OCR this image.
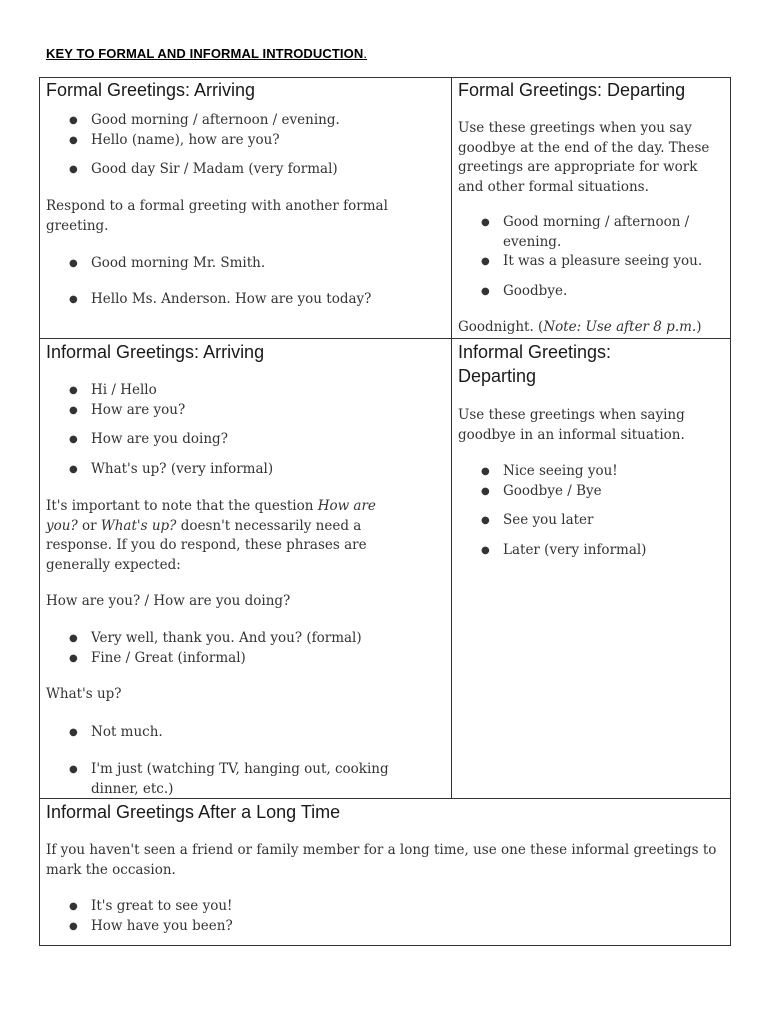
KEY TO FORMAL AND INFORMAL INTRODUCTION.
Formal Greetings: Arriving
● Good morning / afternoon / evening.
● Hello (name), how are you?
● Good day Sir / Madam (very formal)

Respond to a formal greeting with another formal greeting.

● Good morning Mr. Smith.
● Hello Ms. Anderson. How are you today?
Formal Greetings: Departing

Use these greetings when you say goodbye at the end of the day. These greetings are appropriate for work and other formal situations.

● Good morning / afternoon / evening.
● It was a pleasure seeing you.
● Goodbye.

Goodnight. (Note: Use after 8 p.m.)

Informal Greetings: Arriving
● Hi / Hello
● How are you?
● How are you doing?
● What's up? (very informal)

It's important to note that the question How are you? or What's up? doesn't necessarily need a response. If you do respond, these phrases are generally expected:

How are you? / How are you doing?

● Very well, thank you. And you? (formal)
● Fine / Great (informal)

What's up?

● Not much.
● I'm just (watching TV, hanging out, cooking dinner, etc.)
Informal Greetings: Departing

Use these greetings when saying goodbye in an informal situation.

● Nice seeing you!
● Goodbye / Bye
● See you later
● Later (very informal)
Informal Greetings After a Long Time

If you haven't seen a friend or family member for a long time, use one these informal greetings to mark the occasion.

● It's great to see you!
● How have you been?
